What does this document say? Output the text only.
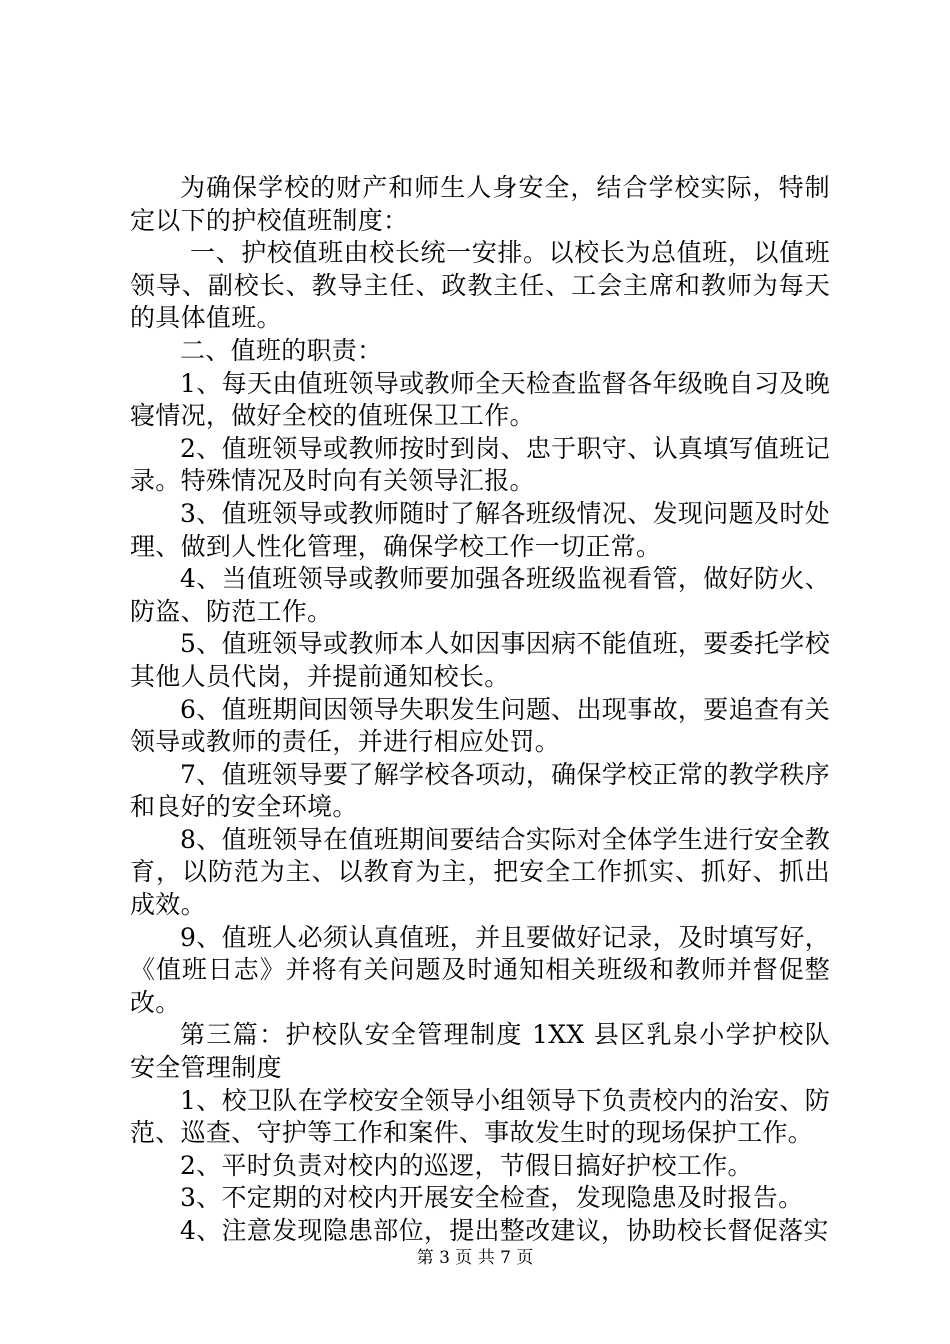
为确保学校的财产和师生人身安全，结合学校实际，特制定以下的护校值班制度：

一、护校值班由校长统一安排。以校长为总值班，以值班领导、副校长、教导主任、政教主任、工会主席和教师为每天的具体值班。

二、值班的职责：

1、每天由值班领导或教师全天检查监督各年级晚自习及晚寝情况，做好全校的值班保卫工作。

2、值班领导或教师按时到岗、忠于职守、认真填写值班记录。特殊情况及时向有关领导汇报。

3、值班领导或教师随时了解各班级情况、发现问题及时处理、做到人性化管理，确保学校工作一切正常。

4、当值班领导或教师要加强各班级监视看管，做好防火、防盗、防范工作。

5、值班领导或教师本人如因事因病不能值班，要委托学校其他人员代岗，并提前通知校长。

6、值班期间因领导失职发生问题、出现事故，要追查有关领导或教师的责任，并进行相应处罚。

7、值班领导要了解学校各项动，确保学校正常的教学秩序和良好的安全环境。

8、值班领导在值班期间要结合实际对全体学生进行安全教育，以防范为主、以教育为主，把安全工作抓实、抓好、抓出成效。

9、值班人必须认真值班，并且要做好记录，及时填写好，《值班日志》并将有关问题及时通知相关班级和教师并督促整改。

第三篇：护校队安全管理制度 1XX 县区乳泉小学护校队安全管理制度

1、校卫队在学校安全领导小组领导下负责校内的治安、防范、巡查、守护等工作和案件、事故发生时的现场保护工作。

2、平时负责对校内的巡逻，节假日搞好护校工作。

3、不定期的对校内开展安全检查，发现隐患及时报告。

4、注意发现隐患部位，提出整改建议，协助校长督促落实

第 3 页 共 7 页
